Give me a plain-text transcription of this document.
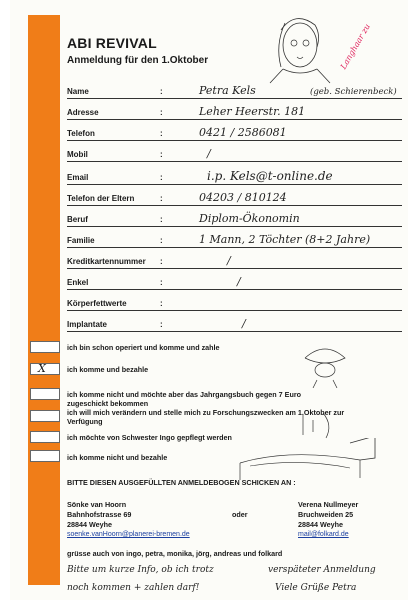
ABI REVIVAL
Anmeldung für den 1.Oktober	Langhaar zu
Name	:	Petra Kels	(geb. Schierenbeck)
Adresse	:	Leher Heerstr. 181
Telefon	:	0421 / 2586081
Mobil	:	/
Email	:	i.p. Kels@t-online.de
Telefon der Eltern	:	04203 / 810124
Beruf	:	Diplom-Ökonomin
Familie	:	1 Mann, 2 Töchter (8+2 Jahre)
Kreditkartennummer :	/
Enkel	:	/
Körperfettwerte	:
Implantate	:	/
ich bin schon operiert und komme und zahle
X	ich komme und bezahle
ich komme nicht und möchte aber das Jahrgangsbuch gegen 7 Euro zugeschickt bekommen
ich will mich verändern und stelle mich zu Forschungszwecken am 1.Oktober zur Verfügung
ich möchte von Schwester Ingo gepflegt werden
ich komme nicht und bezahle
BITTE DIESEN AUSGEFÜLLTEN ANMELDEBOGEN SCHICKEN AN :
Sönke van Hoorn
Bahnhofstrasse 69
28844 Weyhe
soenke.vanHoorn@planerei-bremen.de
oder
Verena Nullmeyer
Bruchweiden 25
28844 Weyhe
mail@folkard.de
grüsse auch von ingo, petra, monika, jörg, andreas und folkard
Bitte um kurze Info, ob ich trotz
noch kommen + zahlen darf!
verspäteter Anmeldung
Viele Grüße Petra
